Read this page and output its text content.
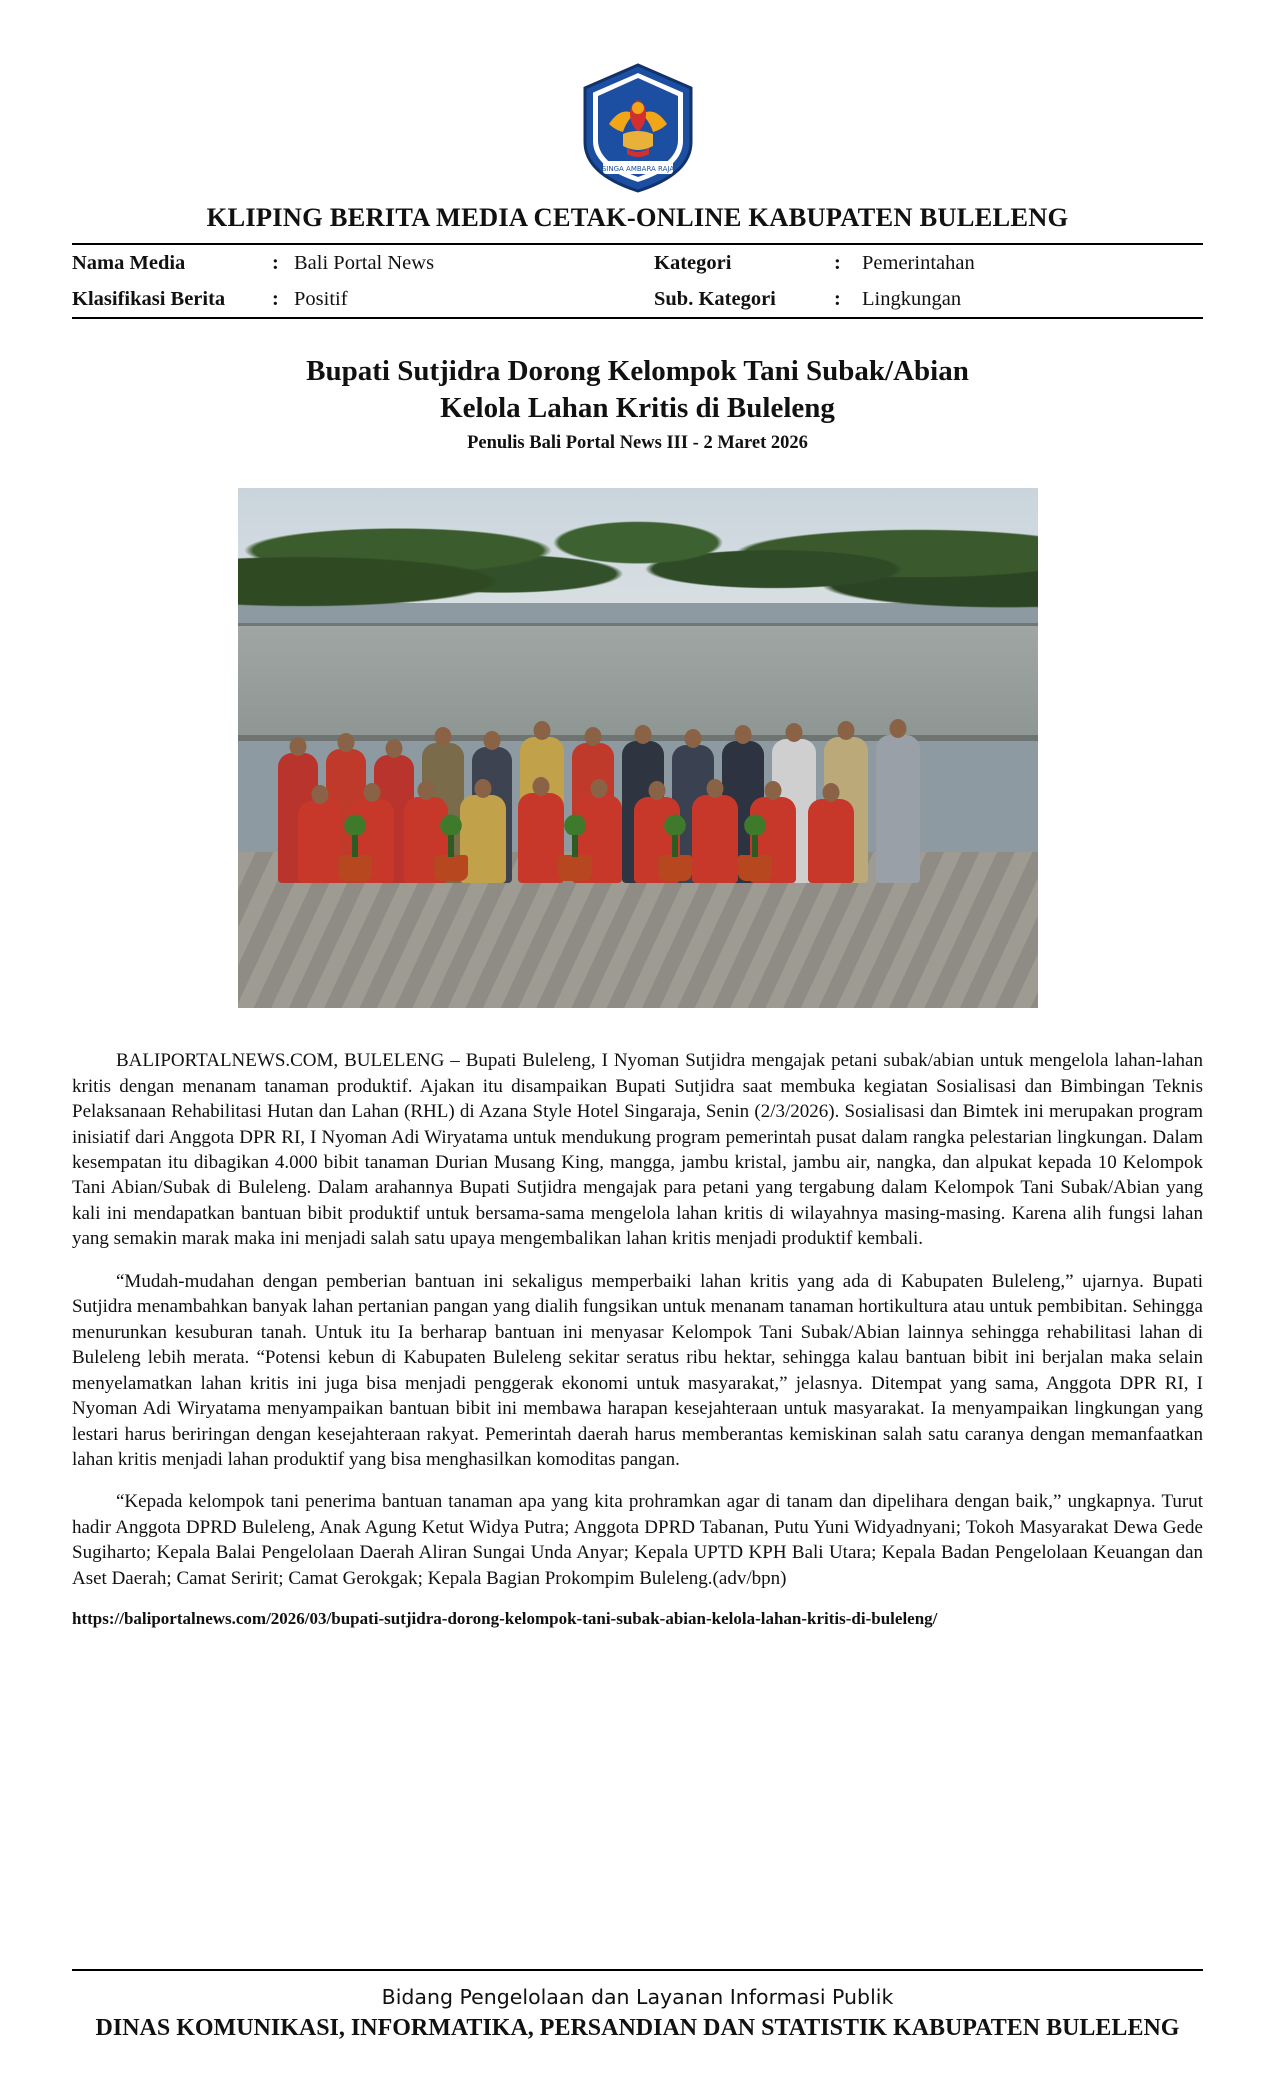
SINGA AMBARA RAJA
KLIPING BERITA MEDIA CETAK-ONLINE KABUPATEN BULELENG
Nama Media	:	Bali Portal News	Kategori	:	Pemerintahan
Klasifikasi Berita	:	Positif	Sub. Kategori	:	Lingkungan
Bupati Sutjidra Dorong Kelompok Tani Subak/Abian
Kelola Lahan Kritis di Buleleng
Penulis Bali Portal News III - 2 Maret 2026

BALIPORTALNEWS.COM, BULELENG – Bupati Buleleng, I Nyoman Sutjidra mengajak petani subak/abian untuk mengelola lahan-lahan kritis dengan menanam tanaman produktif. Ajakan itu disampaikan Bupati Sutjidra saat membuka kegiatan Sosialisasi dan Bimbingan Teknis Pelaksanaan Rehabilitasi Hutan dan Lahan (RHL) di Azana Style Hotel Singaraja, Senin (2/3/2026). Sosialisasi dan Bimtek ini merupakan program inisiatif dari Anggota DPR RI, I Nyoman Adi Wiryatama untuk mendukung program pemerintah pusat dalam rangka pelestarian lingkungan. Dalam kesempatan itu dibagikan 4.000 bibit tanaman Durian Musang King, mangga, jambu kristal, jambu air, nangka, dan alpukat kepada 10 Kelompok Tani Abian/Subak di Buleleng. Dalam arahannya Bupati Sutjidra mengajak para petani yang tergabung dalam Kelompok Tani Subak/Abian yang kali ini mendapatkan bantuan bibit produktif untuk bersama-sama mengelola lahan kritis di wilayahnya masing-masing. Karena alih fungsi lahan yang semakin marak maka ini menjadi salah satu upaya mengembalikan lahan kritis menjadi produktif kembali.

“Mudah-mudahan dengan pemberian bantuan ini sekaligus memperbaiki lahan kritis yang ada di Kabupaten Buleleng,” ujarnya. Bupati Sutjidra menambahkan banyak lahan pertanian pangan yang dialih fungsikan untuk menanam tanaman hortikultura atau untuk pembibitan. Sehingga menurunkan kesuburan tanah. Untuk itu Ia berharap bantuan ini menyasar Kelompok Tani Subak/Abian lainnya sehingga rehabilitasi lahan di Buleleng lebih merata. “Potensi kebun di Kabupaten Buleleng sekitar seratus ribu hektar, sehingga kalau bantuan bibit ini berjalan maka selain menyelamatkan lahan kritis ini juga bisa menjadi penggerak ekonomi untuk masyarakat,” jelasnya. Ditempat yang sama, Anggota DPR RI, I Nyoman Adi Wiryatama menyampaikan bantuan bibit ini membawa harapan kesejahteraan untuk masyarakat. Ia menyampaikan lingkungan yang lestari harus beriringan dengan kesejahteraan rakyat. Pemerintah daerah harus memberantas kemiskinan salah satu caranya dengan memanfaatkan lahan kritis menjadi lahan produktif yang bisa menghasilkan komoditas pangan.

“Kepada kelompok tani penerima bantuan tanaman apa yang kita prohramkan agar di tanam dan dipelihara dengan baik,” ungkapnya. Turut hadir Anggota DPRD Buleleng, Anak Agung Ketut Widya Putra; Anggota DPRD Tabanan, Putu Yuni Widyadnyani; Tokoh Masyarakat Dewa Gede Sugiharto; Kepala Balai Pengelolaan Daerah Aliran Sungai Unda Anyar; Kepala UPTD KPH Bali Utara; Kepala Badan Pengelolaan Keuangan dan Aset Daerah; Camat Seririt; Camat Gerokgak; Kepala Bagian Prokompim Buleleng.(adv/bpn)

https://baliportalnews.com/2026/03/bupati-sutjidra-dorong-kelompok-tani-subak-abian-kelola-lahan-kritis-di-buleleng/
Bidang Pengelolaan dan Layanan Informasi Publik
DINAS KOMUNIKASI, INFORMATIKA, PERSANDIAN DAN STATISTIK KABUPATEN BULELENG
